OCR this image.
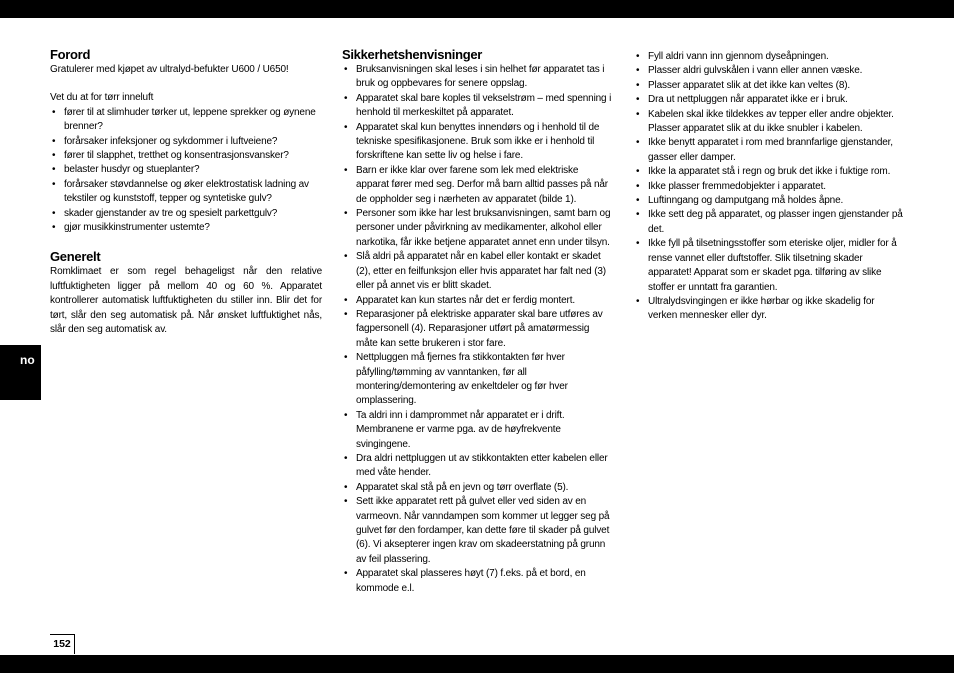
no
Forord

Gratulerer med kjøpet av ultralyd-befukter U600 / U650!

Vet du at for tørr inneluft

• fører til at slimhuder tørker ut, leppene sprekker og øynene brenner?
• forårsaker infeksjoner og sykdommer i luftveiene?
• fører til slapphet, tretthet og konsentrasjonsvansker?
• belaster husdyr og stueplanter?
• forårsaker støvdannelse og øker elektrostatisk ladning av tekstiler og kunststoff, tepper og syntetiske gulv?
• skader gjenstander av tre og spesielt parkettgulv?
• gjør musikkinstrumenter ustemte?
Generelt

Romklimaet er som regel behageligst når den relative luftfuktigheten ligger på mellom 40 og 60 %. Apparatet kontrollerer automatisk luftfuktigheten du stiller inn. Blir det for tørt, slår den seg automatisk på. Når ønsket luftfuktighet nås, slår den seg automatisk av.

Sikkerhetshenvisninger
• Bruksanvisningen skal leses i sin helhet før apparatet tas i bruk og oppbevares for senere oppslag.
• Apparatet skal bare koples til vekselstrøm – med spenning i henhold til merkeskiltet på apparatet.
• Apparatet skal kun benyttes innendørs og i henhold til de tekniske spesifikasjonene. Bruk som ikke er i henhold til forskriftene kan sette liv og helse i fare.
• Barn er ikke klar over farene som lek med elektriske apparat fører med seg. Derfor må barn alltid passes på når de oppholder seg i nærheten av apparatet (bilde 1).
• Personer som ikke har lest bruksanvisningen, samt barn og personer under påvirkning av medikamenter, alkohol eller narkotika, får ikke betjene apparatet annet enn under tilsyn.
• Slå aldri på apparatet når en kabel eller kontakt er skadet (2), etter en feilfunksjon eller hvis apparatet har falt ned (3) eller på annet vis er blitt skadet.
• Apparatet kan kun startes når det er ferdig montert.
• Reparasjoner på elektriske apparater skal bare utføres av fagpersonell (4). Reparasjoner utført på amatørmessig måte kan sette brukeren i stor fare.
• Nettpluggen må fjernes fra stikkontakten før hver påfylling/tømming av vanntanken, før all montering/demontering av enkeltdeler og før hver omplassering.
• Ta aldri inn i damprommet når apparatet er i drift. Membranene er varme pga. av de høyfrekvente svingingene.
• Dra aldri nettpluggen ut av stikkontakten etter kabelen eller med våte hender.
• Apparatet skal stå på en jevn og tørr overflate (5).
• Sett ikke apparatet rett på gulvet eller ved siden av en varmeovn. Når vanndampen som kommer ut legger seg på gulvet før den fordamper, kan dette føre til skader på gulvet (6). Vi aksepterer ingen krav om skadeerstatning på grunn av feil plassering.
• Apparatet skal plasseres høyt (7) f.eks. på et bord, en kommode e.l.
• Fyll aldri vann inn gjennom dyseåpningen.
• Plasser aldri gulvskålen i vann eller annen væske.
• Plasser apparatet slik at det ikke kan veltes (8).
• Dra ut nettpluggen når apparatet ikke er i bruk.
• Kabelen skal ikke tildekkes av tepper eller andre objekter. Plasser apparatet slik at du ikke snubler i kabelen.
• Ikke benytt apparatet i rom med brannfarlige gjenstander, gasser eller damper.
• Ikke la apparatet stå i regn og bruk det ikke i fuktige rom.
• Ikke plasser fremmedobjekter i apparatet.
• Luftinngang og damputgang må holdes åpne.
• Ikke sett deg på apparatet, og plasser ingen gjenstander på det.
• Ikke fyll på tilsetningsstoffer som eteriske oljer, midler for å rense vannet eller duftstoffer. Slik tilsetning skader apparatet! Apparat som er skadet pga. tilføring av slike stoffer er unntatt fra garantien.
• Ultralydsvingingen er ikke hørbar og ikke skadelig for verken mennesker eller dyr.
152
